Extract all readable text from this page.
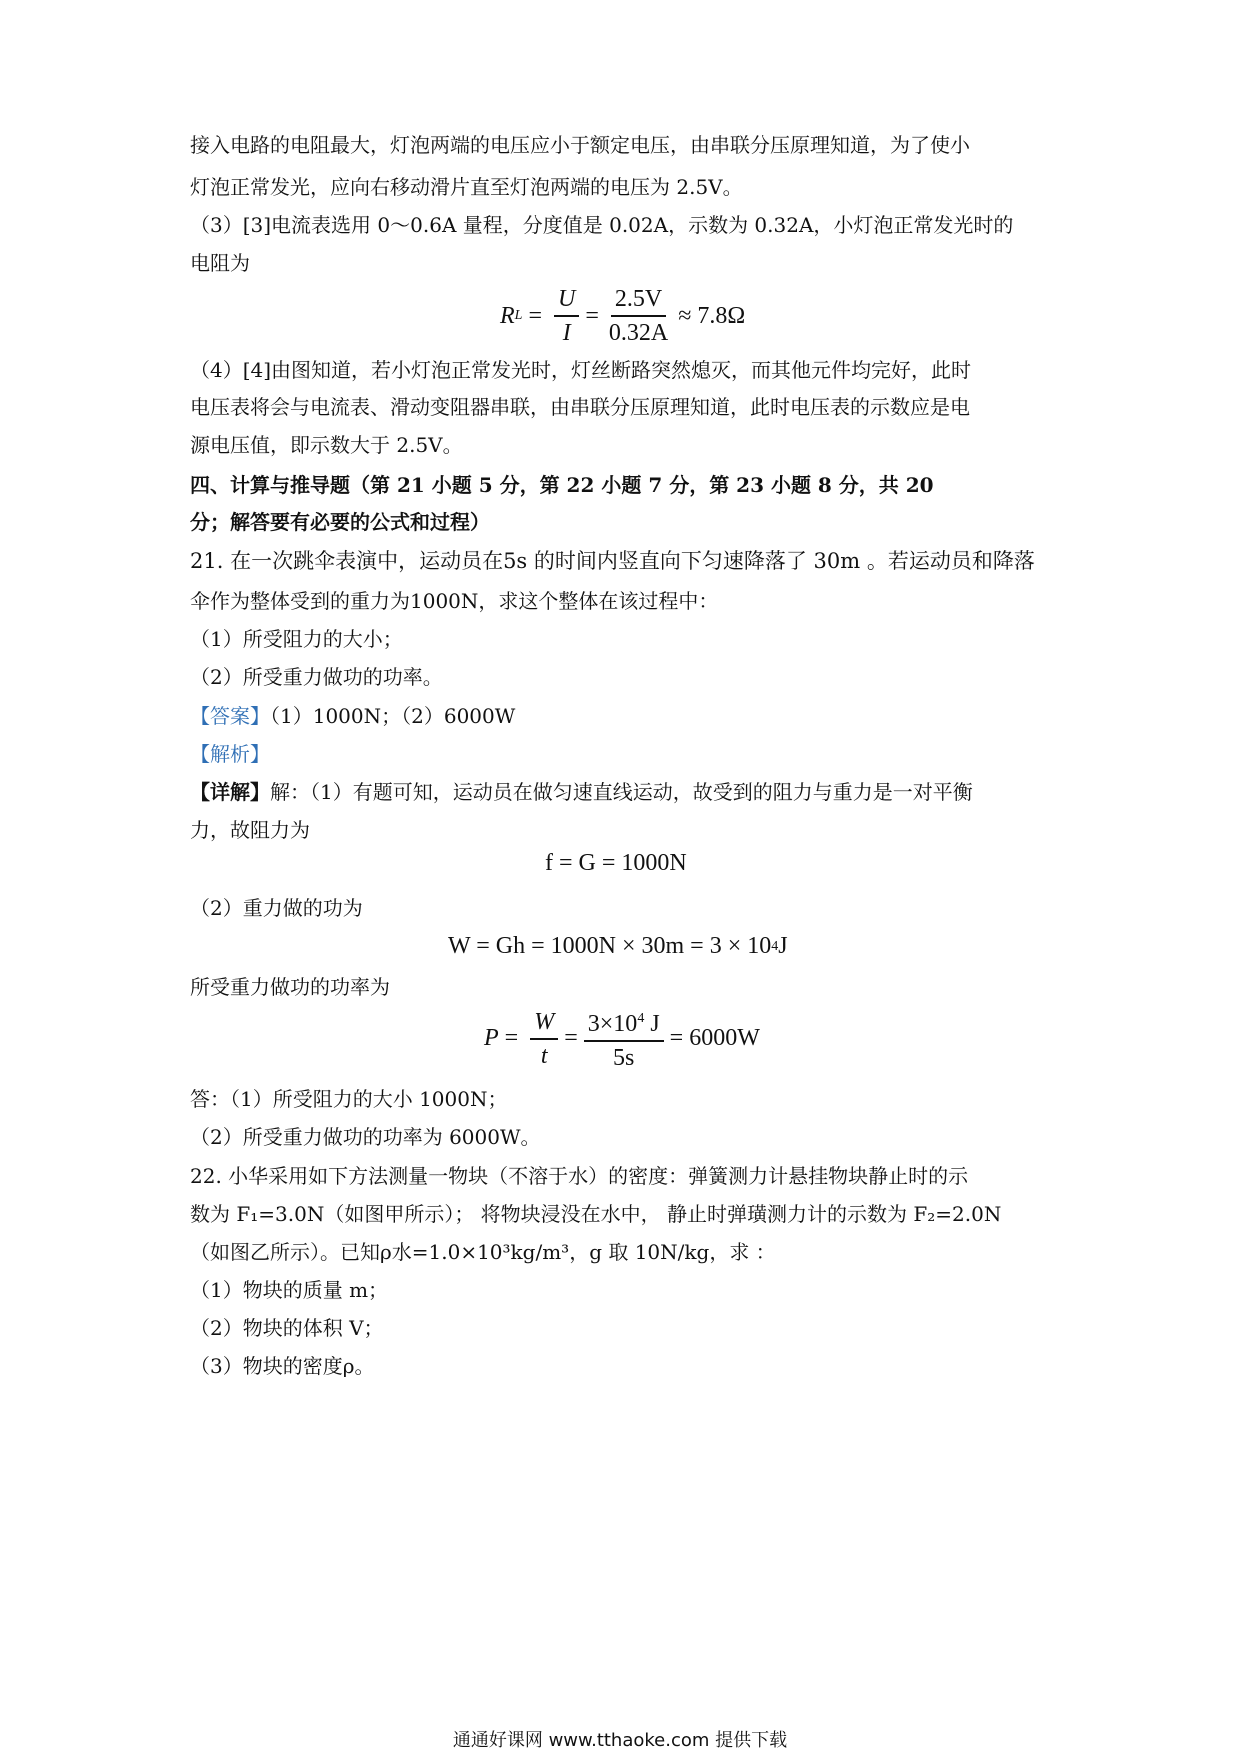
接入电路的电阻最大，灯泡两端的电压应小于额定电压，由串联分压原理知道，为了使小
灯泡正常发光，应向右移动滑片直至灯泡两端的电压为 2.5V。
（3）[3]电流表选用 0～0.6A 量程，分度值是 0.02A，示数为 0.32A，小灯泡正常发光时的
电阻为
R $L = \frac{U}{I} = \frac{2.5V}{0.32A} \approx 7.8\Omega$
（4）[4]由图知道，若小灯泡正常发光时，灯丝断路突然熄灭，而其他元件均完好，此时
电压表将会与电流表、滑动变阻器串联，由串联分压原理知道，此时电压表的示数应是电
源电压值，即示数大于 2.5V。
四、计算与推导题（第 21 小题 5 分，第 22 小题 7 分，第 23 小题 8 分，共 20
分；解答要有必要的公式和过程）
21. 在一次跳伞表演中，运动员在5s 的时间内竖直向下匀速降落了 30m 。若运动员和降落
伞作为整体受到的重力为1000N，求这个整体在该过程中：
（1）所受阻力的大小；
（2）所受重力做功的功率。
【答案】（1）1000N；（2）6000W
【解析】
【详解】解：（1）有题可知，运动员在做匀速直线运动，故受到的阻力与重力是一对平衡
力，故阻力为
f = G = 1000N
（2）重力做的功为
W = Gh = 1000N × 30m = 3 × 10 4 J
所受重力做功的功率为
$P = \frac{W}{t} = \frac{3\times 10^4 J}{5s} = 6000W$
答：（1）所受阻力的大小 1000N；
（2）所受重力做功的功率为 6000W。
22. 小华采用如下方法测量一物块（不溶于水）的密度：弹簧测力计悬挂物块静止时的示
数为 F₁=3.0N（如图甲所示）； 将物块浸没在水中， 静止时弹璜测力计的示数为 F₂=2.0N
（如图乙所示）。已知ρ水=1.0×10³kg/m³，g 取 10N/kg，求 ：
（1）物块的质量 m；
（2）物块的体积 V；
（3）物块的密度ρ。
通通好课网 www.tthaoke.com 提供下载
